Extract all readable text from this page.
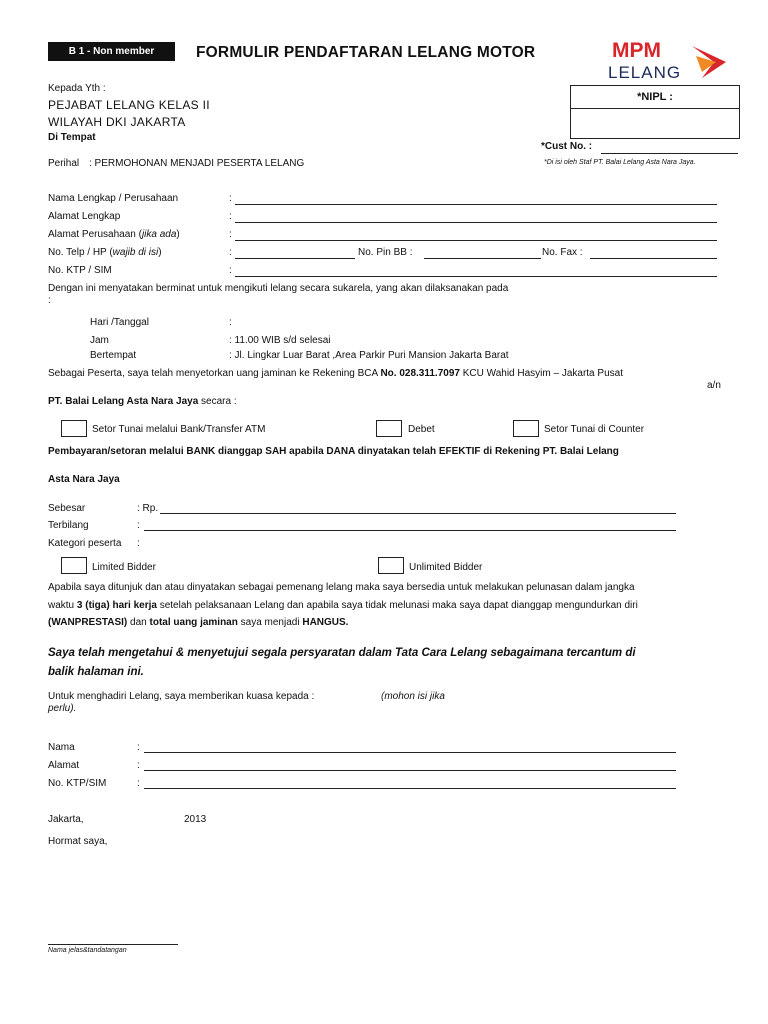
B 1 - Non member	FORMULIR PENDAFTARAN LELANG MOTOR	MPM
LELANG
*NIPL :
Kepada Yth :
PEJABAT LELANG KELAS II
WILAYAH DKI JAKARTA
Di Tempat
*Cust No. :
*Di isi oleh Staf PT. Balai Lelang Asta Nara Jaya.
Perihal : PERMOHONAN MENJADI PESERTA LELANG
Nama Lengkap / Perusahaan	:
Alamat Lengkap	:
Alamat Perusahaan (jika ada)	:
No. Telp / HP (wajib di isi)	:	No. Pin BB :	No. Fax :
No. KTP / SIM	:
Dengan ini menyatakan berminat untuk mengikuti lelang secara sukarela, yang akan dilaksanakan pada
:
Hari /Tanggal	:
Jam	: 11.00 WIB s/d selesai
Bertempat	: Jl. Lingkar Luar Barat ,Area Parkir Puri Mansion Jakarta Barat
Sebagai Peserta, saya telah menyetorkan uang jaminan ke Rekening BCA No. 028.311.7097 KCU Wahid Hasyim – Jakarta Pusat
a/n
PT. Balai Lelang Asta Nara Jaya secara :
Setor Tunai melalui Bank/Transfer ATM	Debet	Setor Tunai di Counter
Pembayaran/setoran melalui BANK dianggap SAH apabila DANA dinyatakan telah EFEKTIF di Rekening PT. Balai Lelang
Asta Nara Jaya
Sebesar	: Rp.
Terbilang	:
Kategori peserta :
Limited Bidder	Unlimited Bidder
Apabila saya ditunjuk dan atau dinyatakan sebagai pemenang lelang maka saya bersedia untuk melakukan pelunasan dalam jangka
waktu 3 (tiga) hari kerja setelah pelaksanaan Lelang dan apabila saya tidak melunasi maka saya dapat dianggap mengundurkan diri
(WANPRESTASI) dan total uang jaminan saya menjadi HANGUS.
Saya telah mengetahui & menyetujui segala persyaratan dalam Tata Cara Lelang sebagaimana tercantum di
balik halaman ini.
Untuk menghadiri Lelang, saya memberikan kuasa kepada :	(mohon isi jika
perlu).
Nama	:
Alamat	:
No. KTP/SIM	:
Jakarta,	2013
Hormat saya,
Nama jelas&tandatangan
